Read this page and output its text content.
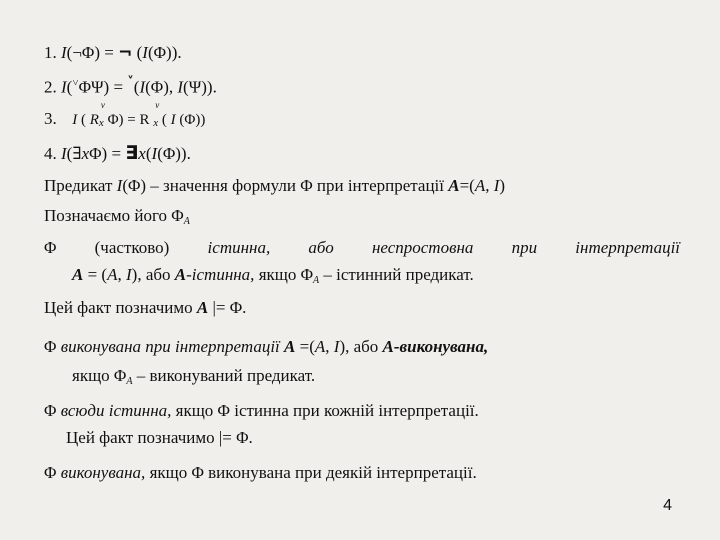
1. I(¬Φ) = ¬ (I(Φ)).
2. I(˅ΦΨ) = ˅(I(Φ), I(Ψ)).
3. I ( R
v
x Φ) = R
v
x ( I (Φ))
4. I(∃xΦ) = ∃x(I(Φ)).
Предикат I(Φ) – значення формули Φ при інтерпретації A=(A, I)
Позначаємо його $\Phi_A$
Φ (частково) істинна, або неспростовна при інтерпретації
A = (A, I), або A-істинна, якщо $\Phi_A$ – істинний предикат.
Цей факт позначимо A |= Φ.
Φ виконувана при інтерпретації A =(A, I), або A-виконувана,
якщо $\Phi_A$ – виконуваний предикат.
Φ всюди істинна, якщо Φ істинна при кожній інтерпретації.
Цей факт позначимо |= Φ.
Φ виконувана, якщо Φ виконувана при деякій інтерпретації.
4
